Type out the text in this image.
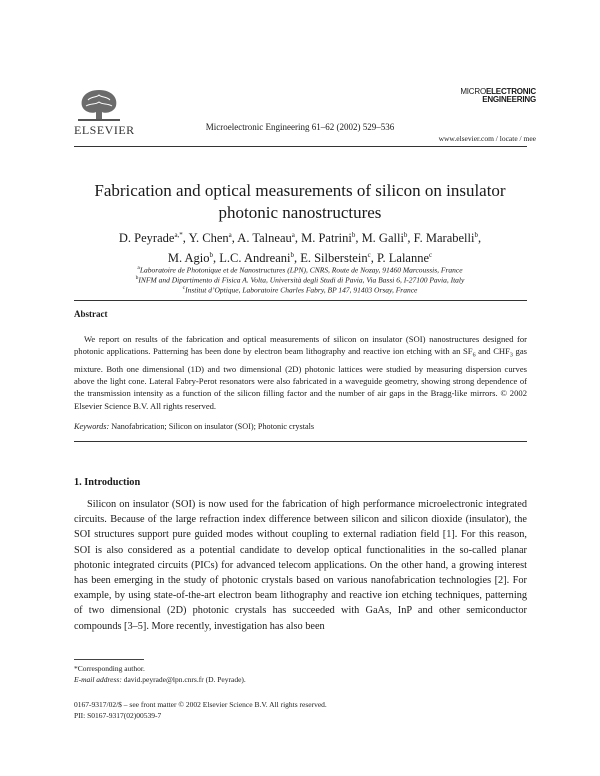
ELSEVIER	Microelectronic Engineering 61–62 (2002) 529–536
MICROELECTRONIC
ENGINEERING
www.elsevier.com / locate / mee
Fabrication and optical measurements of silicon on insulator
photonic nanostructures
D. Peyrade$^{a,*}$, Y. Chen$^a$, A. Talneau$^a$, M. Patrini$^b$, M. Galli$^b$, F. Marabelli$^b$,
M. Agio$^b$, L.C. Andreani$^b$, E. Silberstein$^c$, P. Lalanne$^c$
$^a$Laboratoire de Photonique et de Nanostructures (LPN), CNRS, Route de Nozay, 91460 Marcoussis, France
$^b$INFM and Dipartimento di Fisica A. Volta, Università degli Studi di Pavia, Via Bassi 6, I-27100 Pavia, Italy
$^c$Institut d’Optique, Laboratoire Charles Fabry, BP 147, 91403 Orsay, France
Abstract
We report on results of the fabrication and optical measurements of silicon on insulator (SOI) nanostructures designed for photonic applications. Patterning has been done by electron beam lithography and reactive ion etching with an $SF_6$ and $CHF_3$ gas mixture. Both one dimensional (1D) and two dimensional (2D) photonic lattices were studied by measuring dispersion curves above the light cone. Lateral Fabry-Perot resonators were also fabricated in a waveguide geometry, showing strong dependence of the transmission intensity as a function of the silicon filling factor and the number of air gaps in the Bragg-like mirrors. © 2002 Elsevier Science B.V. All rights reserved.
Keywords: Nanofabrication; Silicon on insulator (SOI); Photonic crystals
1. Introduction
Silicon on insulator (SOI) is now used for the fabrication of high performance microelectronic integrated circuits. Because of the large refraction index difference between silicon and silicon dioxide (insulator), the SOI structures support pure guided modes without coupling to external radiation field [1]. For this reason, SOI is also considered as a potential candidate to develop optical functionalities in the so-called planar photonic integrated circuits (PICs) for advanced telecom applications. On the other hand, a growing interest has been emerging in the study of photonic crystals based on various nanofabrication technologies [2]. For example, by using state-of-the-art electron beam lithography and reactive ion etching techniques, patterning of two dimensional (2D) photonic crystals has succeeded with GaAs, InP and other semiconductor compounds [3–5]. More recently, investigation has also been
*Corresponding author.
E-mail address: david.peyrade@lpn.cnrs.fr (D. Peyrade).
0167-9317/02/$ – see front matter © 2002 Elsevier Science B.V. All rights reserved.
PII: S0167-9317(02)00539-7
